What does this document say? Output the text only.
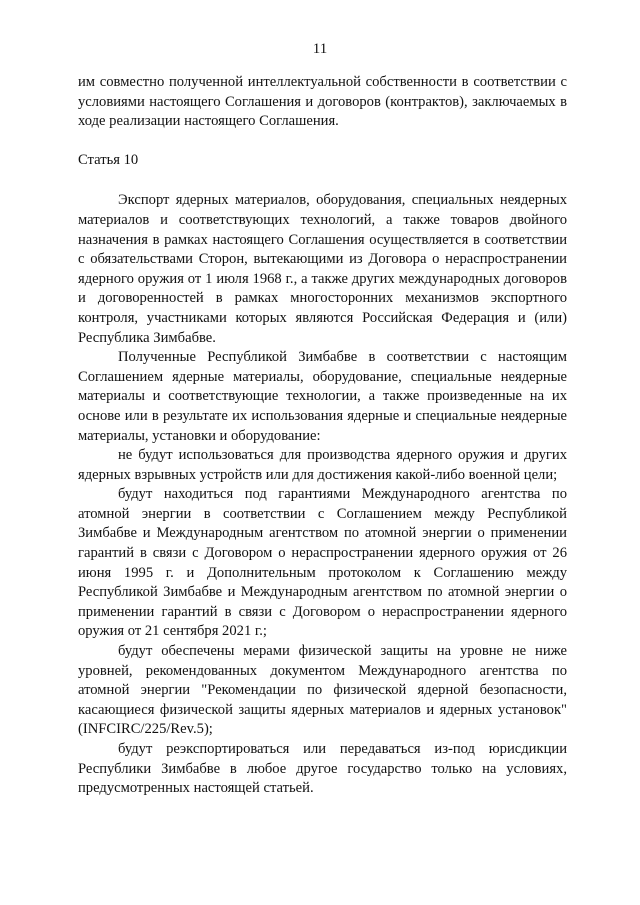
11

им совместно полученной интеллектуальной собственности в соответствии с условиями настоящего Соглашения и договоров (контрактов), заключаемых в ходе реализации настоящего Соглашения.

Статья 10

Экспорт ядерных материалов, оборудования, специальных неядерных материалов и соответствующих технологий, а также товаров двойного назначения в рамках настоящего Соглашения осуществляется в соответствии с обязательствами Сторон, вытекающими из Договора о нераспространении ядерного оружия от 1 июля 1968 г., а также других международных договоров и договоренностей в рамках многосторонних механизмов экспортного контроля, участниками которых являются Российская Федерация и (или) Республика Зимбабве.

Полученные Республикой Зимбабве в соответствии с настоящим Соглашением ядерные материалы, оборудование, специальные неядерные материалы и соответствующие технологии, а также произведенные на их основе или в результате их использования ядерные и специальные неядерные материалы, установки и оборудование:

не будут использоваться для производства ядерного оружия и других ядерных взрывных устройств или для достижения какой-либо военной цели;

будут находиться под гарантиями Международного агентства по атомной энергии в соответствии с Соглашением между Республикой Зимбабве и Международным агентством по атомной энергии о применении гарантий в связи с Договором о нераспространении ядерного оружия от 26 июня 1995 г. и Дополнительным протоколом к Соглашению между Республикой Зимбабве и Международным агентством по атомной энергии о применении гарантий в связи с Договором о нераспространении ядерного оружия от 21 сентября 2021 г.;

будут обеспечены мерами физической защиты на уровне не ниже уровней, рекомендованных документом Международного агентства по атомной энергии "Рекомендации по физической ядерной безопасности, касающиеся физической защиты ядерных материалов и ядерных установок" (INFCIRC/225/Rev.5);

будут реэкспортироваться или передаваться из-под юрисдикции Республики Зимбабве в любое другое государство только на условиях, предусмотренных настоящей статьей.
